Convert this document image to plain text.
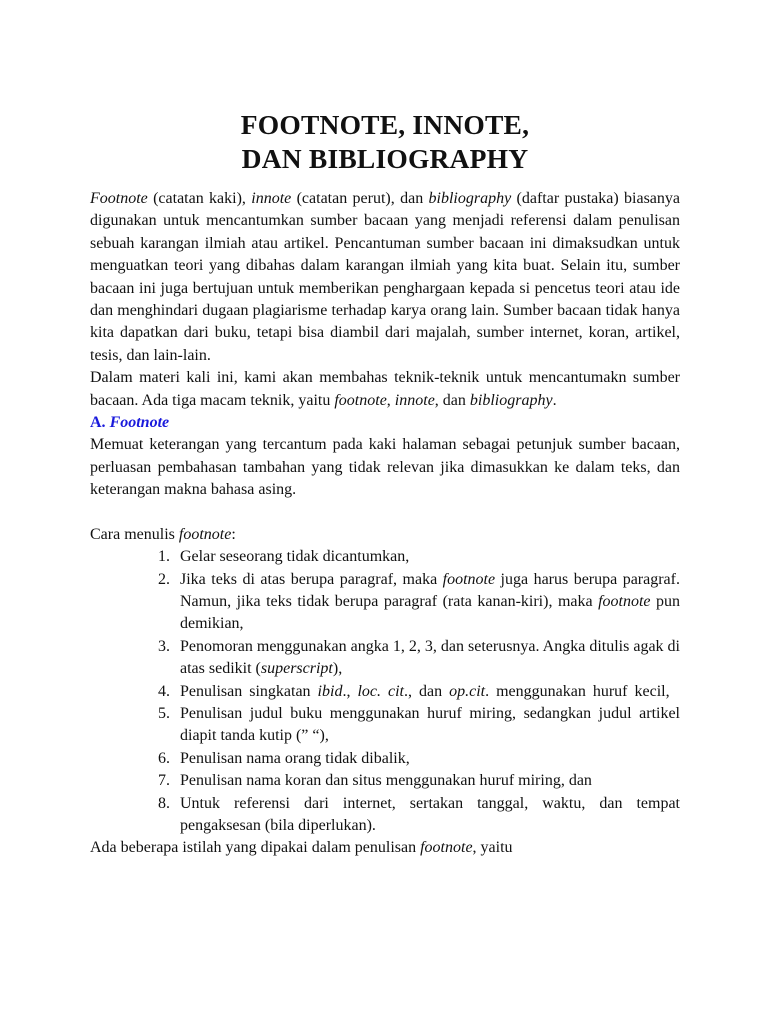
FOOTNOTE, INNOTE,
DAN BIBLIOGRAPHY

Footnote (catatan kaki), innote (catatan perut), dan bibliography (daftar pustaka) biasanya digunakan untuk mencantumkan sumber bacaan yang menjadi referensi dalam penulisan sebuah karangan ilmiah atau artikel. Pencantuman sumber bacaan ini dimaksudkan untuk menguatkan teori yang dibahas dalam karangan ilmiah yang kita buat. Selain itu, sumber bacaan ini juga bertujuan untuk memberikan penghargaan kepada si pencetus teori atau ide dan menghindari dugaan plagiarisme terhadap karya orang lain. Sumber bacaan tidak hanya kita dapatkan dari buku, tetapi bisa diambil dari majalah, sumber internet, koran, artikel, tesis, dan lain-lain.

Dalam materi kali ini, kami akan membahas teknik-teknik untuk mencantumakn sumber bacaan. Ada tiga macam teknik, yaitu footnote, innote, dan bibliography.

A. Footnote

Memuat keterangan yang tercantum pada kaki halaman sebagai petunjuk sumber bacaan, perluasan pembahasan tambahan yang tidak relevan jika dimasukkan ke dalam teks, dan keterangan makna bahasa asing.

Cara menulis footnote:

1. Gelar seseorang tidak dicantumkan,
2. Jika teks di atas berupa paragraf, maka footnote juga harus berupa paragraf. Namun, jika teks tidak berupa paragraf (rata kanan-kiri), maka footnote pun demikian,
3. Penomoran menggunakan angka 1, 2, 3, dan seterusnya. Angka ditulis agak di atas sedikit (superscript),
4. Penulisan singkatan ibid., loc. cit., dan op.cit. menggunakan huruf kecil,
5. Penulisan judul buku menggunakan huruf miring, sedangkan judul artikel diapit tanda kutip (” “),
6. Penulisan nama orang tidak dibalik,
7. Penulisan nama koran dan situs menggunakan huruf miring, dan
8. Untuk referensi dari internet, sertakan tanggal, waktu, dan tempat pengaksesan (bila diperlukan).

Ada beberapa istilah yang dipakai dalam penulisan footnote, yaitu
